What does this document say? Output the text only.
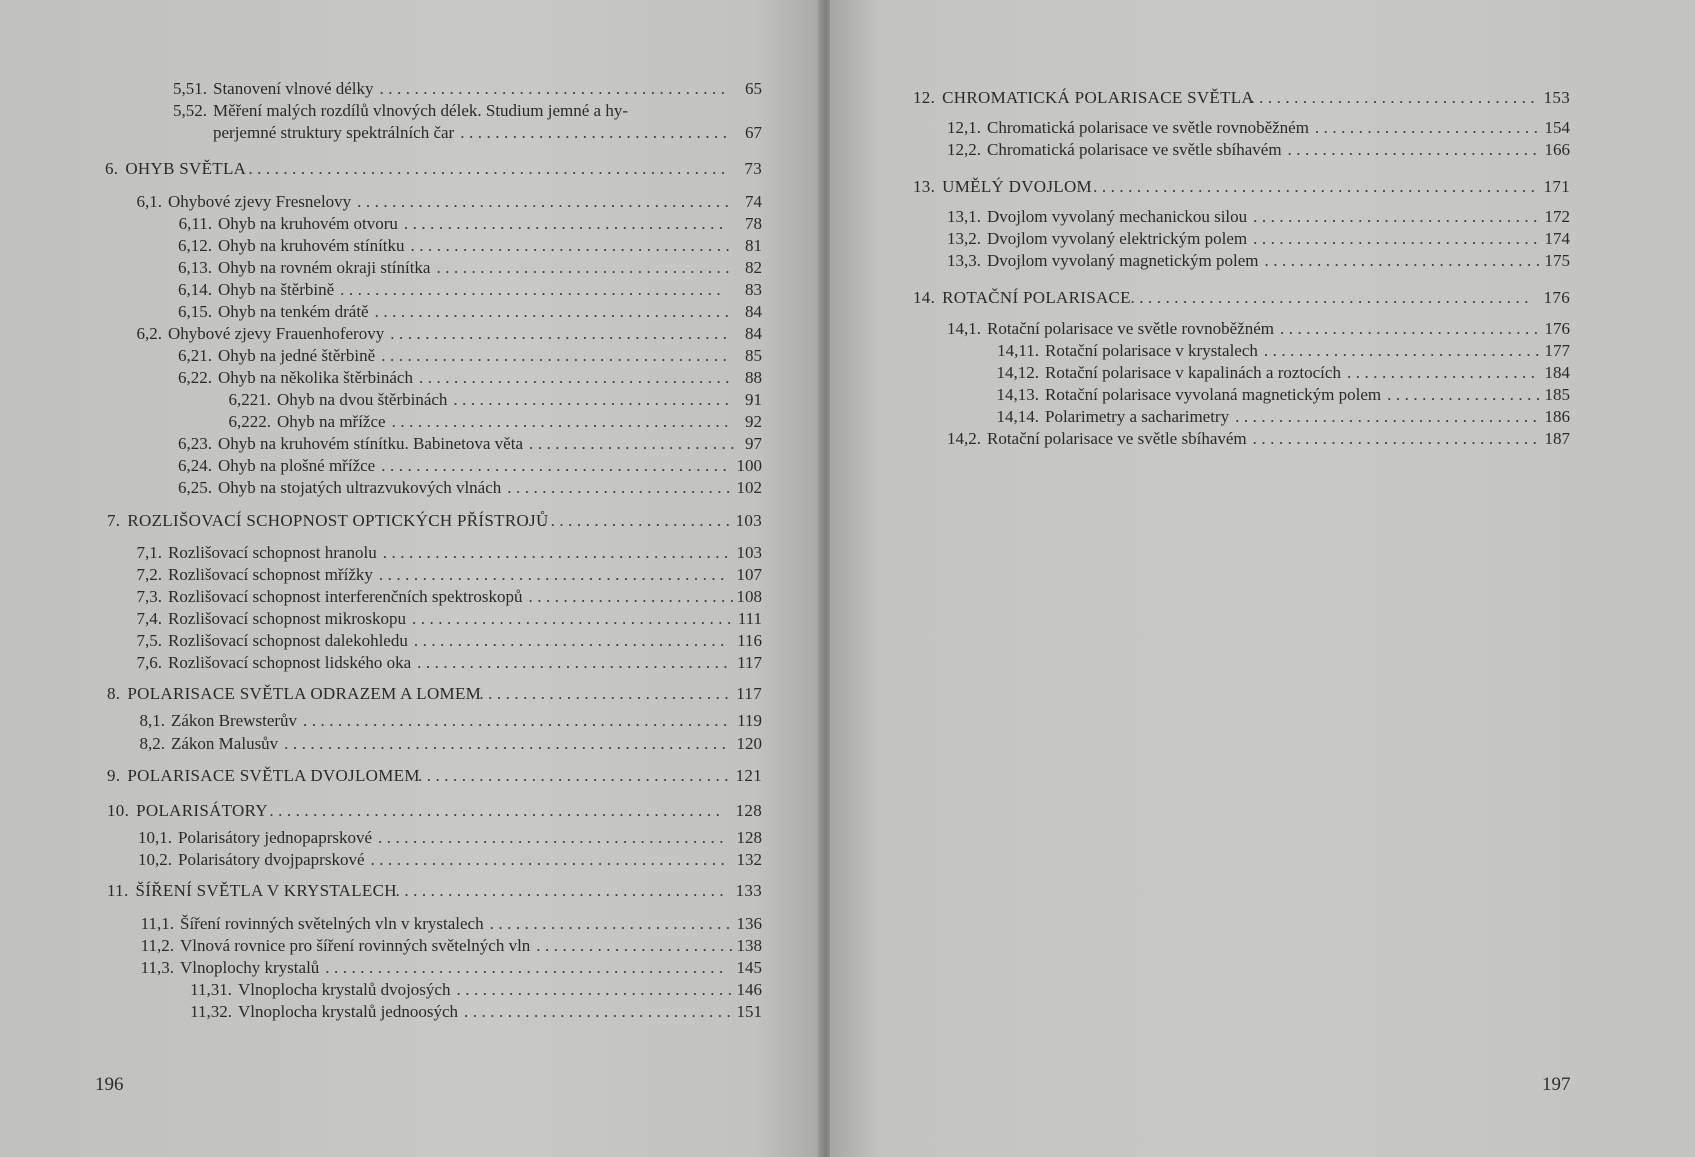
5,51. Stanovení vlnové délky ........................................ 65
5,52. Měření malých rozdílů vlnových délek. Studium jemné a hy-
perjemné struktury spektrálních čar ............................... 67
6. OHYB SVĚTLA ....................................................... 73
6,1. Ohybové zjevy Fresnelovy ........................................... 74
6,11. Ohyb na kruhovém otvoru .....................................	78
6,12. Ohyb na kruhovém stínítku ..................................... 81
6,13. Ohyb na rovném okraji stínítka .................................. 82
6,14. Ohyb na štěrbině ............................................	83
6,15. Ohyb na tenkém drátě ......................................... 84
6,2. Ohybové zjevy Frauenhoferovy ....................................... 84
6,21. Ohyb na jedné štěrbině ........................................ 85
6,22. Ohyb na několika štěrbinách .................................... 88
6,221. Ohyb na dvou štěrbinách ................................ 91
6,222. Ohyb na mřížce ....................................... 92
6,23. Ohyb na kruhovém stínítku. Babinetova věta ........................ 97
6,24. Ohyb na plošné mřížce ........................................ 100
6,25. Ohyb na stojatých ultrazvukových vlnách .......................... 102
7. ROZLIŠOVACÍ SCHOPNOST OPTICKÝCH PŘÍSTROJŮ
...................... 103
7,1. Rozlišovací schopnost hranolu ........................................ 103
7,2. Rozlišovací schopnost mřížky ........................................ 107
7,3. Rozlišovací schopnost interferenčních spektroskopů ........................
108
7,4. Rozlišovací schopnost mikroskopu ..................................... 111
7,5. Rozlišovací schopnost dalekohledu .................................... 116
7,6. Rozlišovací schopnost lidského oka .................................... 117
8. POLARISACE SVĚTLA ODRAZEM A LOMEM
............................. 117
8,1. Zákon Brewsterův ................................................. 119
8,2. Zákon Malusův ................................................... 120
9. POLARISACE SVĚTLA DVOJLOMEM
.................................... 121
10. POLARISÁTORY .................................................... 128
10,1. Polarisátory jednopaprskové ........................................ 128
10,2. Polarisátory dvojpaprskové ......................................... 132
11. ŠÍŘENÍ SVĚTLA V KRYSTALECH
...................................... 133
11,1. Šíření rovinných světelných vln v krystalech ............................ 136
11,2. Vlnová rovnice pro šíření rovinných světelných vln .......................
138
11,3. Vlnoplochy krystalů .............................................. 145
11,31. Vlnoplocha krystalů dvojosých ................................ 146
11,32. Vlnoplocha krystalů jednoosých ............................... 151
196
12. CHROMATICKÁ POLARISACE SVĚTLA
................................. 153
12,1. Chromatická polarisace ve světle rovnoběžném .......................... 154
12,2. Chromatická polarisace ve světle sbíhavém ............................. 166
13. UMĚLÝ DVOJLOM ................................................... 171
13,1. Dvojlom vyvolaný mechanickou silou ................................. 172
13,2. Dvojlom vyvolaný elektrickým polem ................................. 174
13,3. Dvojlom vyvolaný magnetickým polem ................................ 175
14. ROTAČNÍ POLARISACE .............................................. 176
14,1. Rotační polarisace ve světle rovnoběžném .............................. 176
14,11. Rotační polarisace v krystalech ................................ 177
14,12. Rotační polarisace v kapalinách a roztocích ...................... 184
14,13. Rotační polarisace vyvolaná magnetickým polem .................. 185
14,14. Polarimetry a sacharimetry ................................... 186
14,2. Rotační polarisace ve světle sbíhavém ................................. 187
197
